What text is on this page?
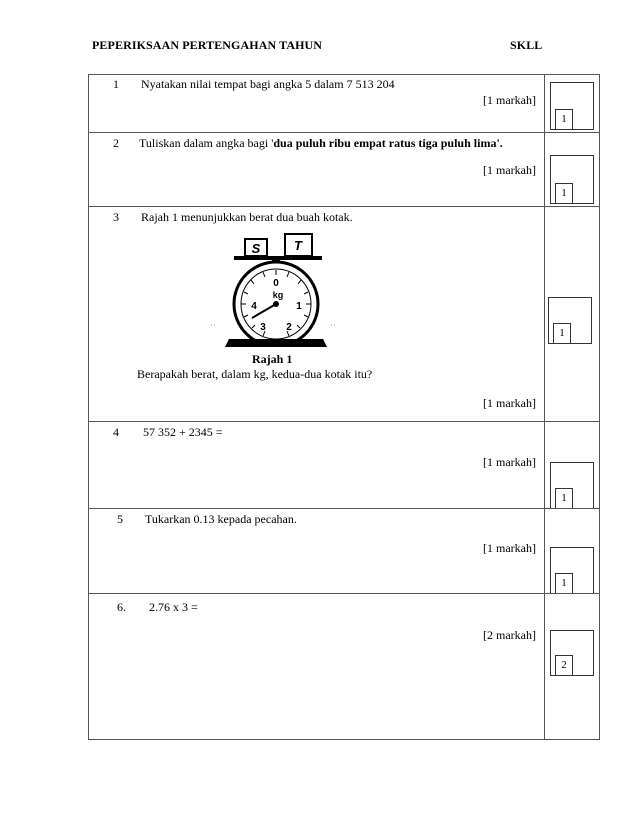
PEPERIKSAAN PERTENGAHAN TAHUN	SKLL
1 Nyatakan nilai tempat bagi angka 5 dalam 7 513 204
[1 markah]
1
2 Tuliskan dalam angka bagi 'dua puluh ribu empat ratus tiga puluh lima'.
[1 markah]
1
3 Rajah 1 menunjukkan berat dua buah kotak.
S	T
0
1
2
3
4
kg
Rajah 1
Berapakah berat, dalam kg, kedua-dua kotak itu?
[1 markah]
1
4 57 352 + 2345 =
[1 markah]
1
5 Tukarkan 0.13 kepada pecahan.
[1 markah]
1
6. 2.76 x 3 =
[2 markah]
2
